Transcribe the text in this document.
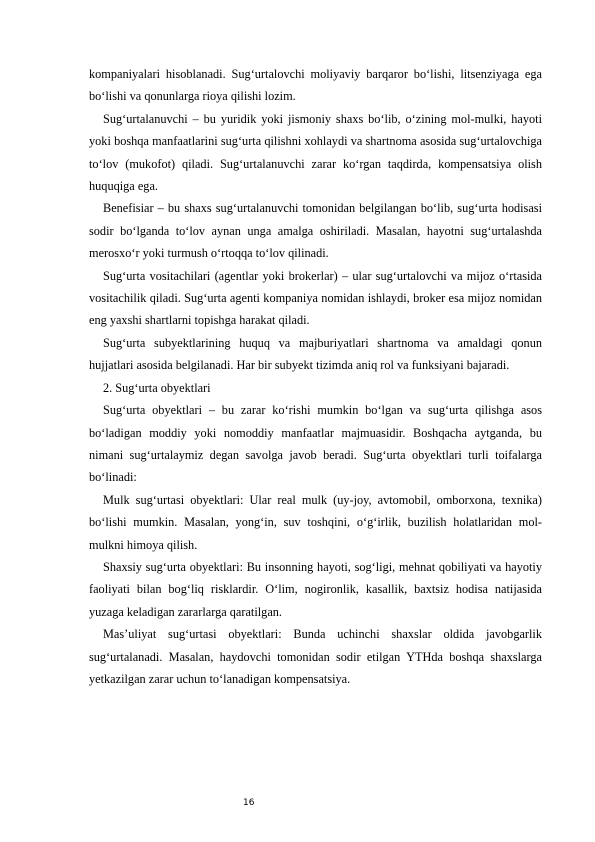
kompaniyalari hisoblanadi. Sug‘urtalovchi moliyaviy barqaror bo‘lishi, litsenziyaga ega bo‘lishi va qonunlarga rioya qilishi lozim.

Sug‘urtalanuvchi – bu yuridik yoki jismoniy shaxs bo‘lib, o‘zining mol-mulki, hayoti yoki boshqa manfaatlarini sug‘urta qilishni xohlaydi va shartnoma asosida sug‘urtalovchiga to‘lov (mukofot) qiladi. Sug‘urtalanuvchi zarar ko‘rgan taqdirda, kompensatsiya olish huquqiga ega.

Benefisiar – bu shaxs sug‘urtalanuvchi tomonidan belgilangan bo‘lib, sug‘urta hodisasi sodir bo‘lganda to‘lov aynan unga amalga oshiriladi. Masalan, hayotni sug‘urtalashda merosxo‘r yoki turmush o‘rtoqqa to‘lov qilinadi.

Sug‘urta vositachilari (agentlar yoki brokerlar) – ular sug‘urtalovchi va mijoz o‘rtasida vositachilik qiladi. Sug‘urta agenti kompaniya nomidan ishlaydi, broker esa mijoz nomidan eng yaxshi shartlarni topishga harakat qiladi.

Sug‘urta subyektlarining huquq va majburiyatlari shartnoma va amaldagi qonun hujjatlari asosida belgilanadi. Har bir subyekt tizimda aniq rol va funksiyani bajaradi.

2. Sug‘urta obyektlari

Sug‘urta obyektlari – bu zarar ko‘rishi mumkin bo‘lgan va sug‘urta qilishga asos bo‘ladigan moddiy yoki nomoddiy manfaatlar majmuasidir. Boshqacha aytganda, bu nimani sug‘urtalaymiz degan savolga javob beradi. Sug‘urta obyektlari turli toifalarga bo‘linadi:

Mulk sug‘urtasi obyektlari: Ular real mulk (uy-joy, avtomobil, omborxona, texnika) bo‘lishi mumkin. Masalan, yong‘in, suv toshqini, o‘g‘irlik, buzilish holatlaridan mol-mulkni himoya qilish.

Shaxsiy sug‘urta obyektlari: Bu insonning hayoti, sog‘ligi, mehnat qobiliyati va hayotiy faoliyati bilan bog‘liq risklardir. O‘lim, nogironlik, kasallik, baxtsiz hodisa natijasida yuzaga keladigan zararlarga qaratilgan.

Mas’uliyat sug‘urtasi obyektlari: Bunda uchinchi shaxslar oldida javobgarlik sug‘urtalanadi. Masalan, haydovchi tomonidan sodir etilgan YTHda boshqa shaxslarga yetkazilgan zarar uchun to‘lanadigan kompensatsiya.

16
